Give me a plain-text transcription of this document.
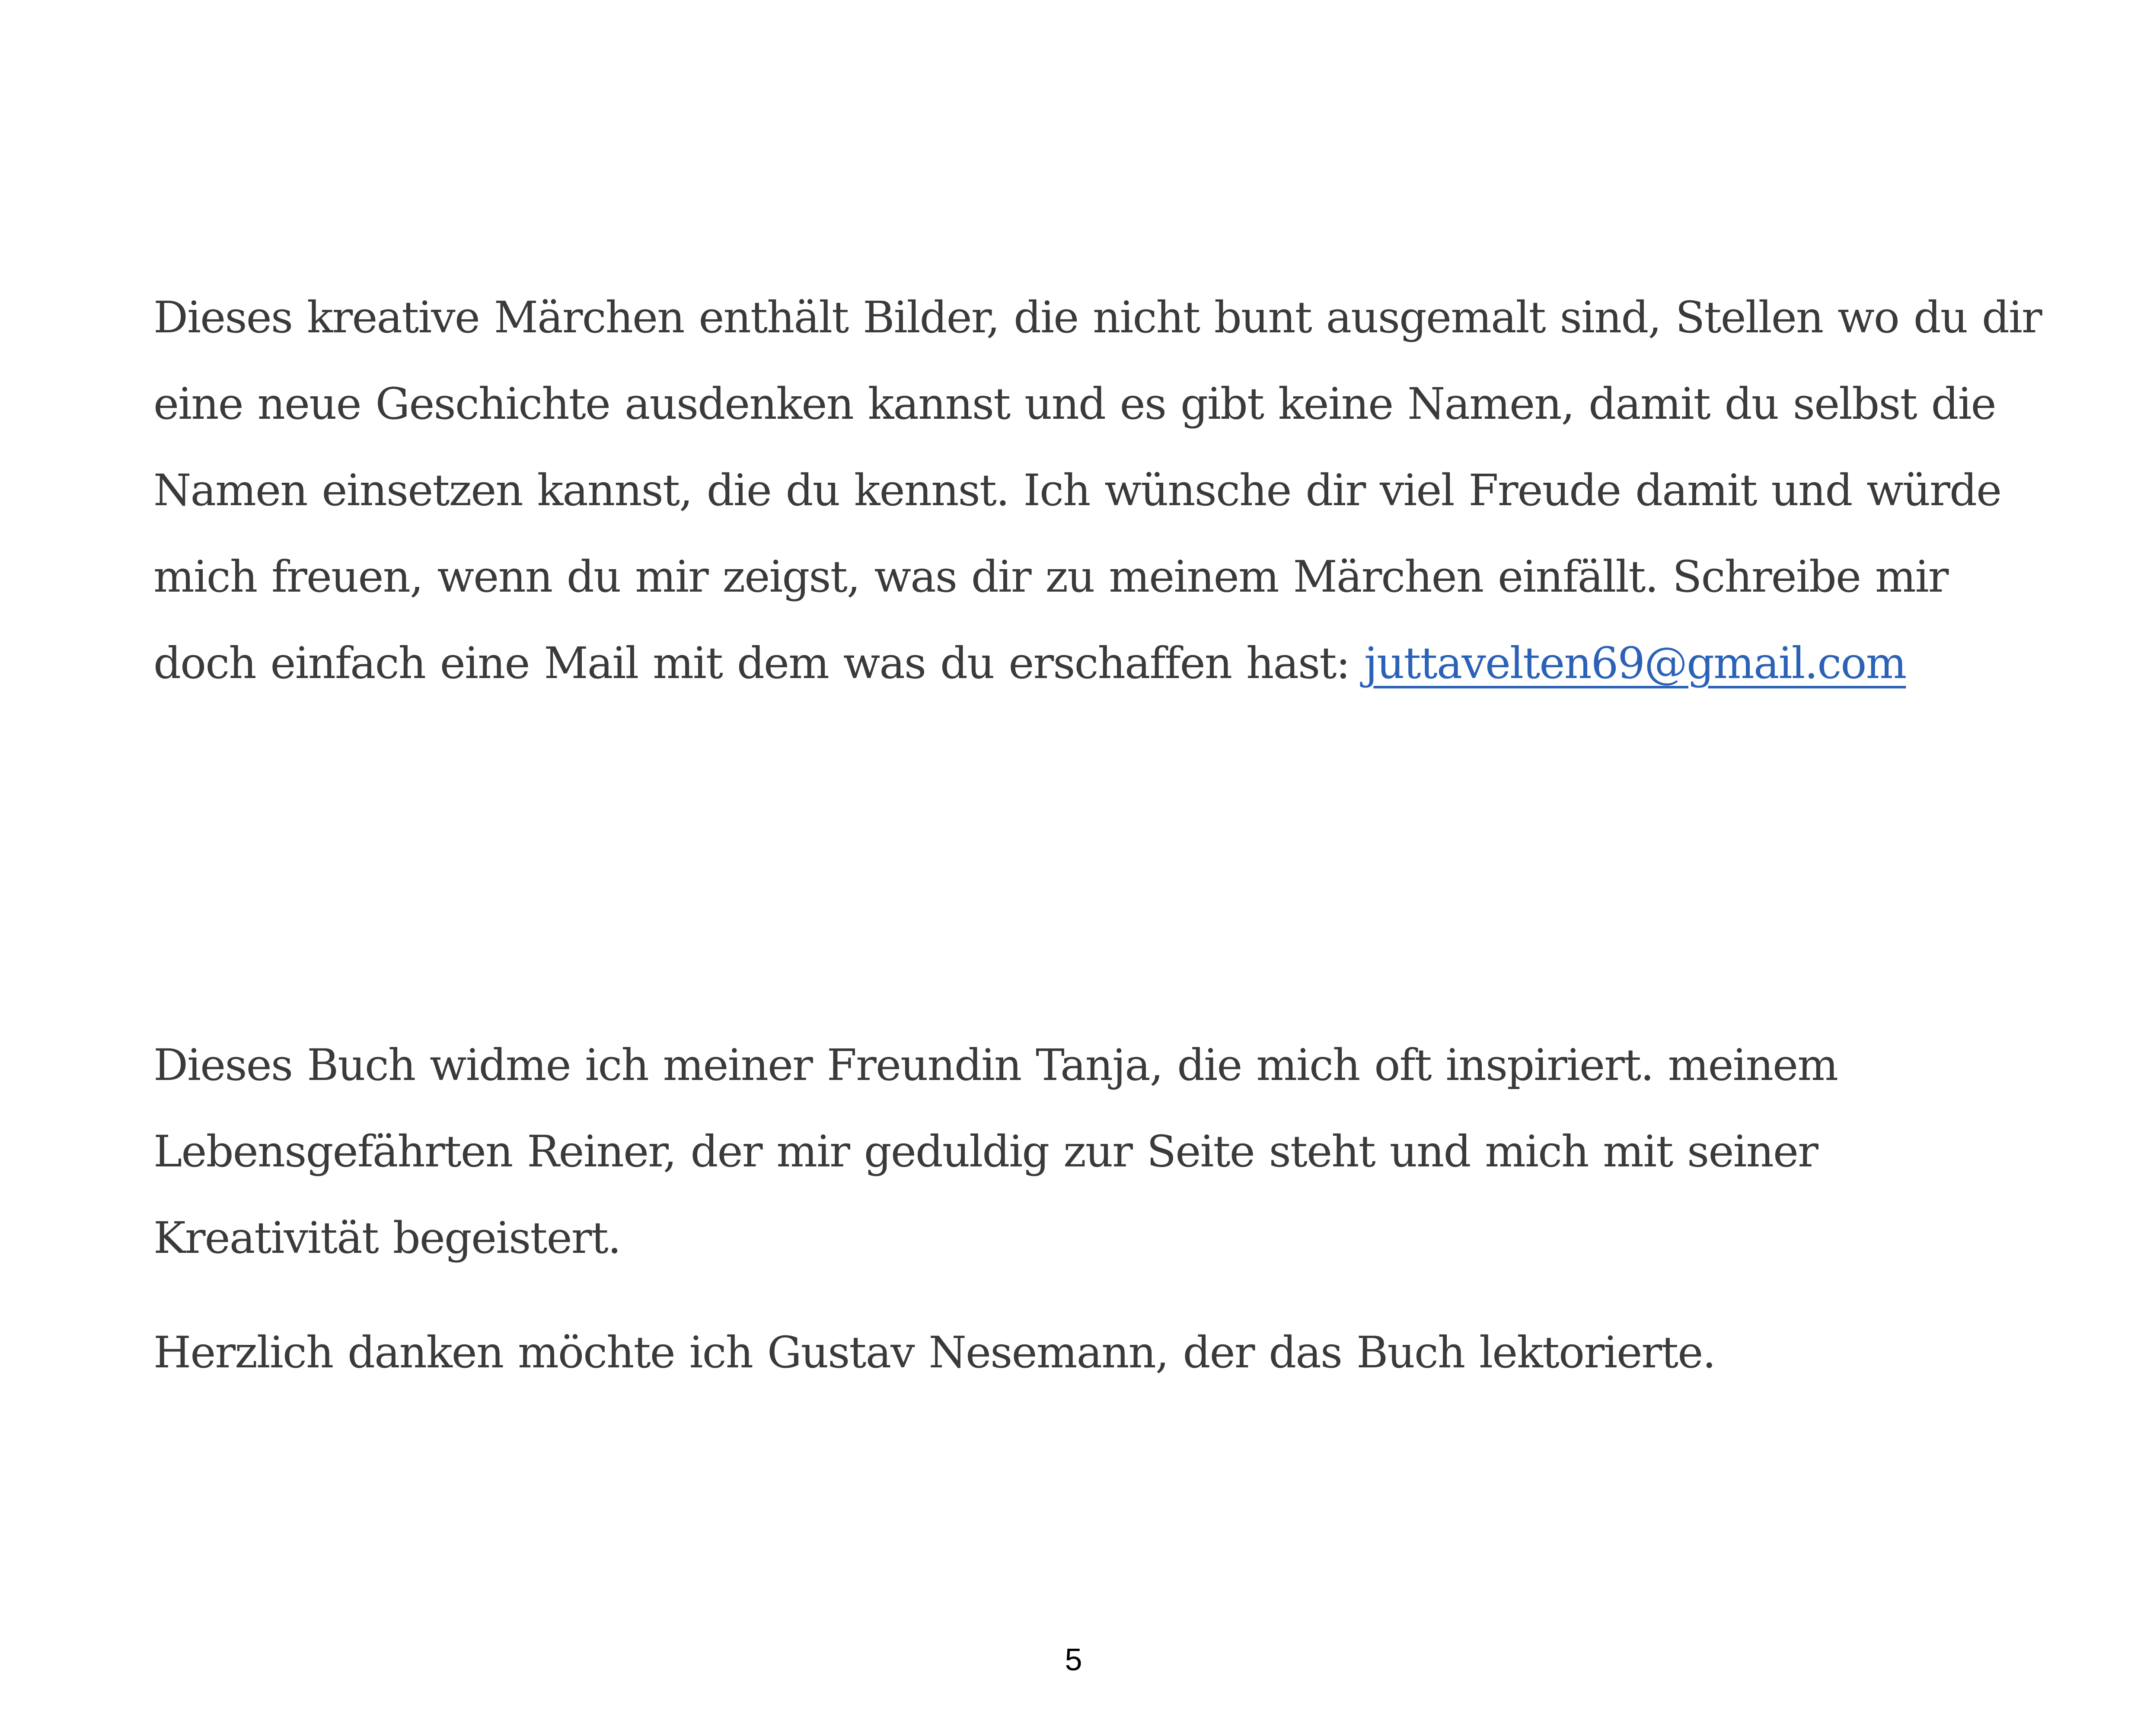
Dieses kreative Märchen enthält Bilder, die nicht bunt ausgemalt sind, Stellen wo du dir eine neue Geschichte ausdenken kannst und es gibt keine Namen, damit du selbst die Namen einsetzen kannst, die du kennst. Ich wünsche dir viel Freude damit und würde mich freuen, wenn du mir zeigst, was dir zu meinem Märchen einfällt. Schreibe mir doch einfach eine Mail mit dem was du erschaffen hast: juttavelten69@gmail.com

Dieses Buch widme ich meiner Freundin Tanja, die mich oft inspiriert. meinem Lebensgefährten Reiner, der mir geduldig zur Seite steht und mich mit seiner Kreativität begeistert.

Herzlich danken möchte ich Gustav Nesemann, der das Buch lektorierte.

5
